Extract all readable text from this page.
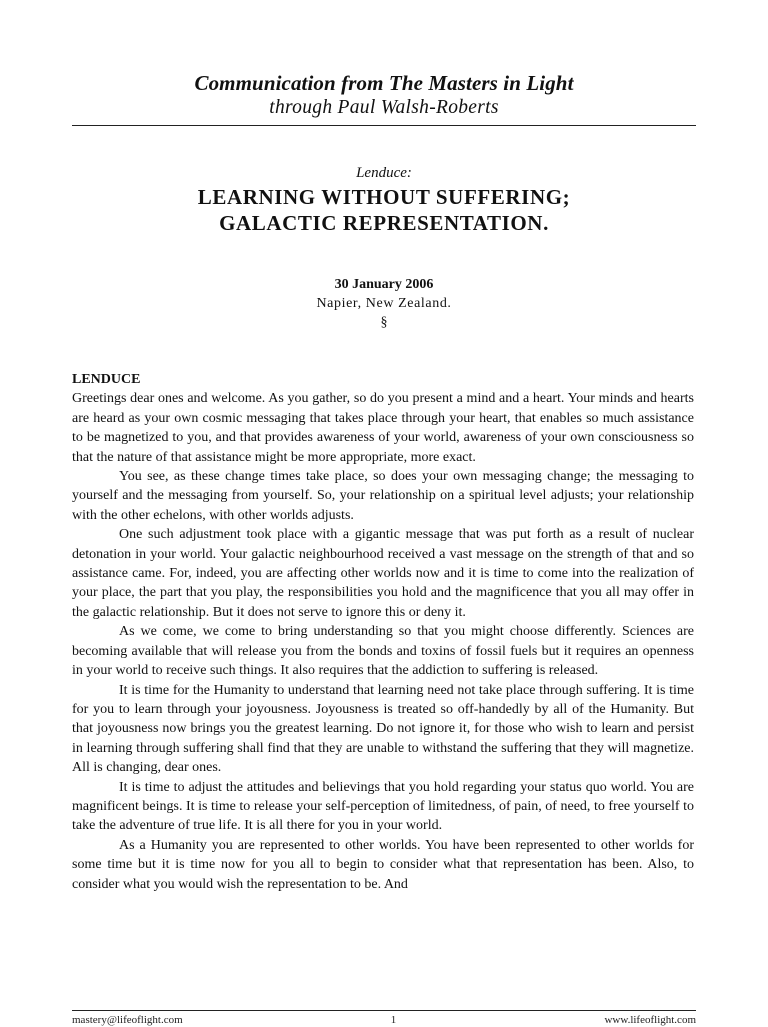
Communication from The Masters in Light
through Paul Walsh-Roberts
Lenduce:
LEARNING WITHOUT SUFFERING;
GALACTIC REPRESENTATION.
30 January 2006
Napier, New Zealand.
§
LENDUCE

Greetings dear ones and welcome. As you gather, so do you present a mind and a heart. Your minds and hearts are heard as your own cosmic messaging that takes place through your heart, that enables so much assistance to be magnetized to you, and that provides awareness of your world, awareness of your own consciousness so that the nature of that assistance might be more appropriate, more exact.

You see, as these change times take place, so does your own messaging change; the messaging to yourself and the messaging from yourself. So, your relationship on a spiritual level adjusts; your relationship with the other echelons, with other worlds adjusts.

One such adjustment took place with a gigantic message that was put forth as a result of nuclear detonation in your world. Your galactic neighbourhood received a vast message on the strength of that and so assistance came. For, indeed, you are affecting other worlds now and it is time to come into the realization of your place, the part that you play, the responsibilities you hold and the magnificence that you all may offer in the galactic relationship. But it does not serve to ignore this or deny it.

As we come, we come to bring understanding so that you might choose differently. Sciences are becoming available that will release you from the bonds and toxins of fossil fuels but it requires an openness in your world to receive such things. It also requires that the addiction to suffering is released.

It is time for the Humanity to understand that learning need not take place through suffering. It is time for you to learn through your joyousness. Joyousness is treated so off-handedly by all of the Humanity. But that joyousness now brings you the greatest learning. Do not ignore it, for those who wish to learn and persist in learning through suffering shall find that they are unable to withstand the suffering that they will magnetize. All is changing, dear ones.

It is time to adjust the attitudes and believings that you hold regarding your status quo world. You are magnificent beings. It is time to release your self-perception of limitedness, of pain, of need, to free yourself to take the adventure of true life. It is all there for you in your world.

As a Humanity you are represented to other worlds. You have been represented to other worlds for some time but it is time now for you all to begin to consider what that representation has been. Also, to consider what you would wish the representation to be. And

mastery@lifeoflight.com	1	www.lifeoflight.com
